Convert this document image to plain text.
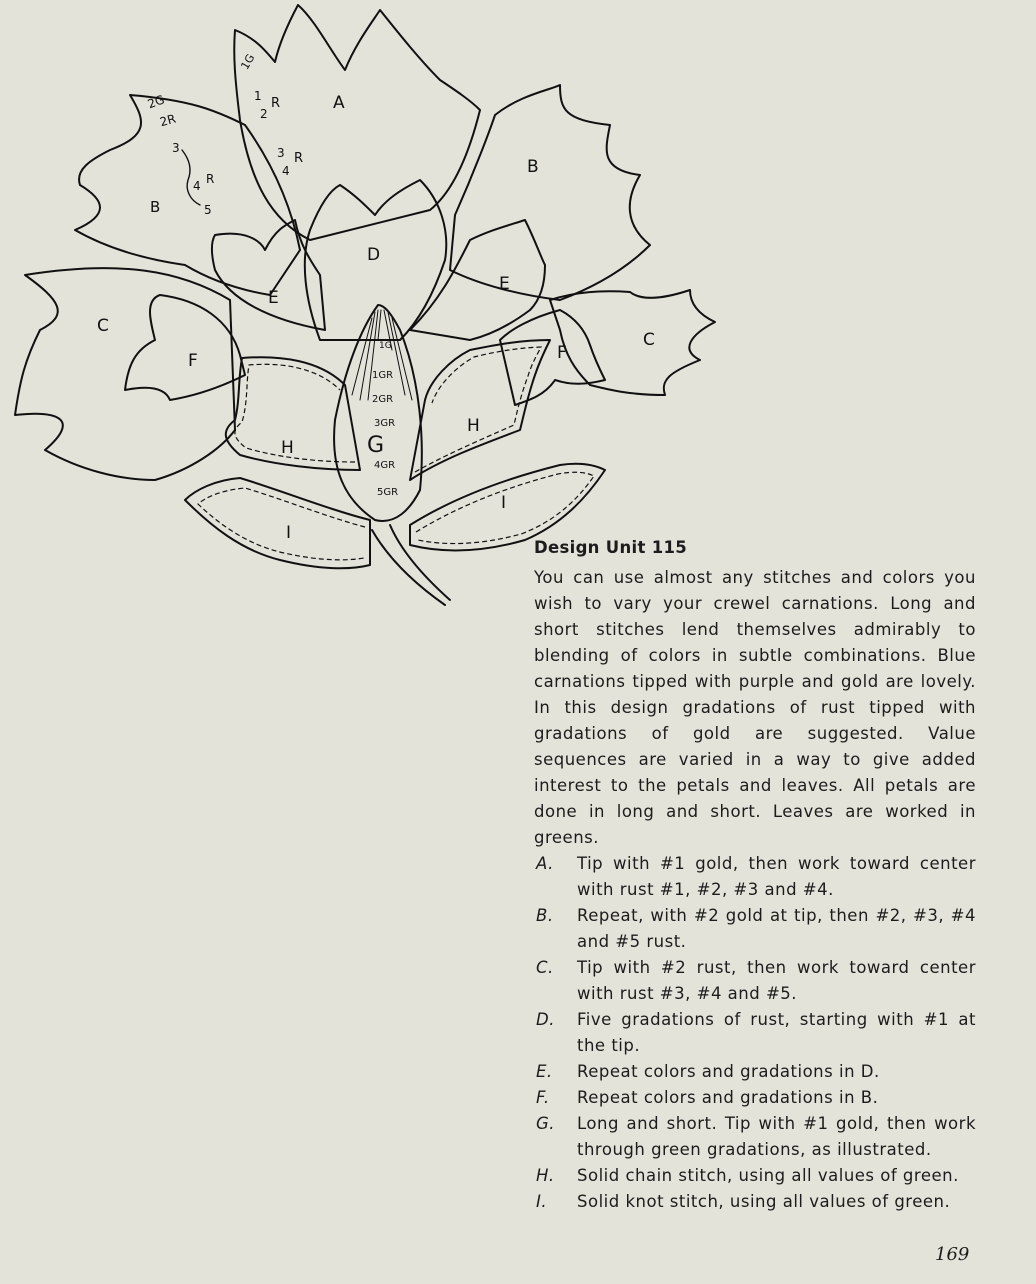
A
B
B
C
C
D
E
E
F	F
G
H
H
I
I
1G
1
2
R
3
4
R
2G
2R
3
4 R
5
1G
1GR
2GR
3GR
4GR
5GR
Design Unit 115
You can use almost any stitches and colors you wish to vary your crewel carnations. Long and short stitches lend themselves admirably to blending of colors in subtle combinations. Blue carnations tipped with purple and gold are lovely. In this design gradations of rust tipped with gradations of gold are suggested. Value sequences are varied in a way to give added interest to the petals and leaves. All petals are done in long and short. Leaves are worked in greens.
A.	Tip with #1 gold, then work toward center with rust #1, #2, #3 and #4.
B.	Repeat, with #2 gold at tip, then #2, #3, #4 and #5 rust.
C.	Tip with #2 rust, then work toward center with rust #3, #4 and #5.
D.	Five gradations of rust, starting with #1 at the tip.
E.	Repeat colors and gradations in D.
F.	Repeat colors and gradations in B.
G.	Long and short. Tip with #1 gold, then work through green gradations, as illustrated.
H.	Solid chain stitch, using all values of green.
I.	Solid knot stitch, using all values of green.
169
